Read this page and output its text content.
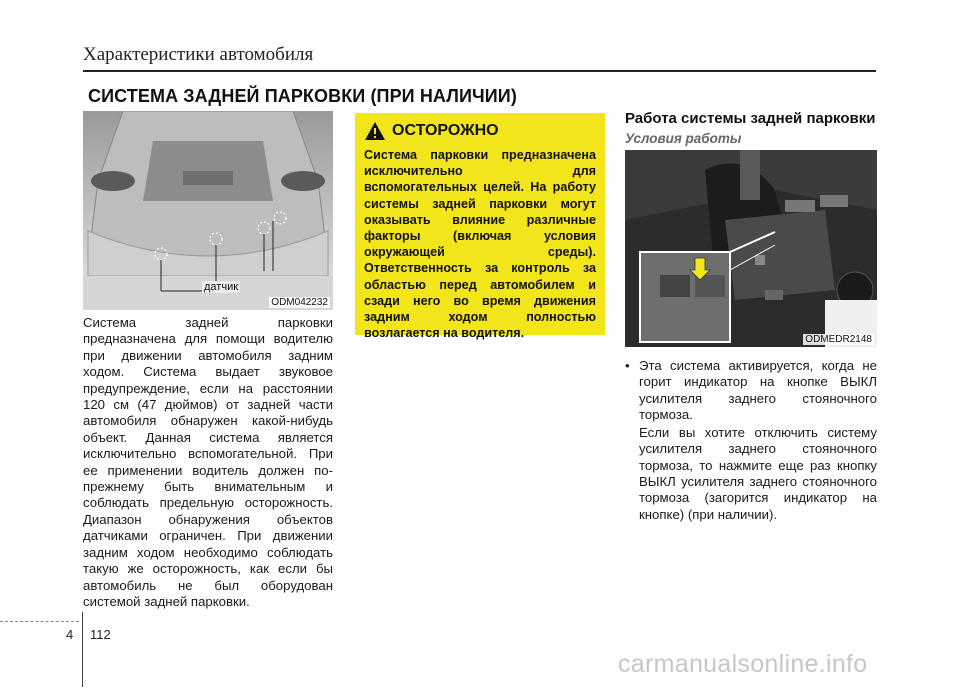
Характеристики автомобиля
СИСТЕМА ЗАДНЕЙ ПАРКОВКИ (ПРИ НАЛИЧИИ)
датчик
ODM042232
Система задней парковки предназначена для помощи водителю при движении автомобиля задним ходом. Система выдает звуковое предупреждение, если на расстоянии 120 см (47 дюймов) от задней части автомобиля обнаружен какой-нибудь объект. Данная система является исключительно вспомогательной. При ее применении водитель должен по-прежнему быть внимательным и соблюдать предельную осторожность. Диапазон обнаружения объектов датчиками ограничен. При движении задним ходом необходимо соблюдать такую же осторожность, как если бы автомобиль не был оборудован системой задней парковки.
ОСТОРОЖНО
Система парковки предназначена исключительно для вспомогательных целей. На работу системы задней парковки могут оказывать влияние различные факторы (включая условия окружающей среды). Ответственность за контроль за областью перед автомобилем и сзади него во время движения задним ходом полностью возлагается на водителя.
Работа системы задней парковки
Условия работы
ODMEDR2148
• Эта система активируется, когда не горит индикатор на кнопке ВЫКЛ усилителя заднего стояночного тормоза.
Если вы хотите отключить систему усилителя заднего стояночного тормоза, то нажмите еще раз кнопку ВЫКЛ усилителя заднего стояночного тормоза (загорится индикатор на кнопке) (при наличии).
4 112
carmanualsonline.info
